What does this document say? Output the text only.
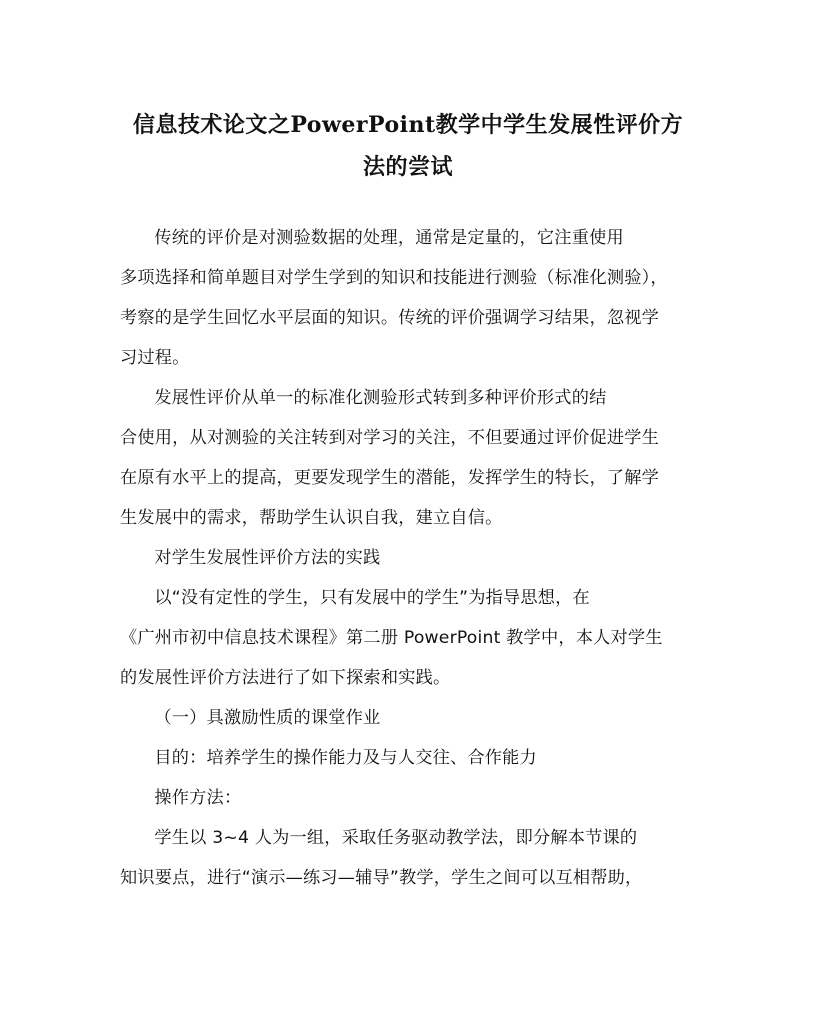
信息技术论文之PowerPoint教学中学生发展性评价方
法的尝试

传统的评价是对测验数据的处理，通常是定量的，它注重使用
多项选择和简单题目对学生学到的知识和技能进行测验（标准化测验），
考察的是学生回忆水平层面的知识。传统的评价强调学习结果，忽视学
习过程。

发展性评价从单一的标准化测验形式转到多种评价形式的结
合使用，从对测验的关注转到对学习的关注，不但要通过评价促进学生
在原有水平上的提高，更要发现学生的潜能，发挥学生的特长，了解学
生发展中的需求，帮助学生认识自我，建立自信。

对学生发展性评价方法的实践

以“没有定性的学生，只有发展中的学生”为指导思想，在
《广州市初中信息技术课程》第二册 PowerPoint 教学中，本人对学生
的发展性评价方法进行了如下探索和实践。

（一）具激励性质的课堂作业

目的：培养学生的操作能力及与人交往、合作能力

操作方法：

学生以 3~4 人为一组，采取任务驱动教学法，即分解本节课的
知识要点，进行“演示—练习—辅导”教学，学生之间可以互相帮助，
